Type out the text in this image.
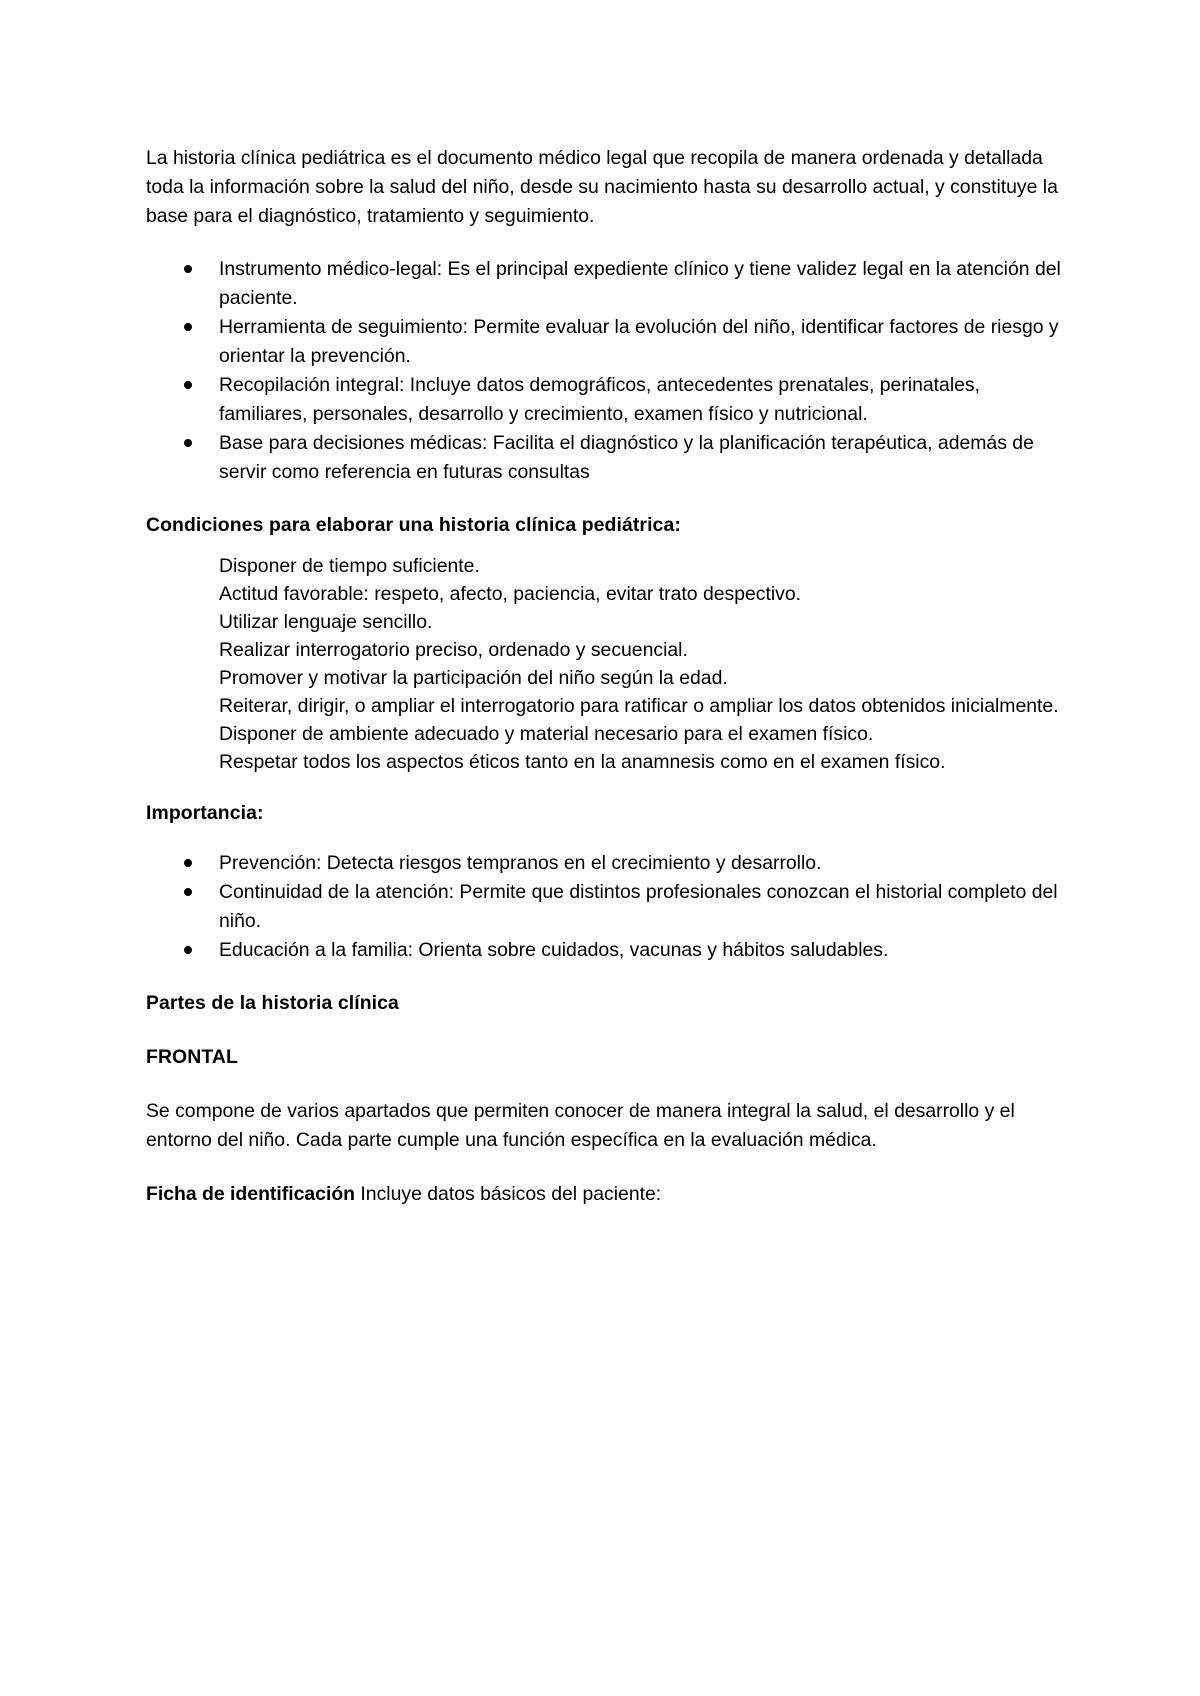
La historia clínica pediátrica es el documento médico legal que recopila de manera ordenada y detallada toda la información sobre la salud del niño, desde su nacimiento hasta su desarrollo actual, y constituye la base para el diagnóstico, tratamiento y seguimiento.

Instrumento médico-legal: Es el principal expediente clínico y tiene validez legal en la atención del paciente.
Herramienta de seguimiento: Permite evaluar la evolución del niño, identificar factores de riesgo y orientar la prevención.
Recopilación integral: Incluye datos demográficos, antecedentes prenatales, perinatales, familiares, personales, desarrollo y crecimiento, examen físico y nutricional.
Base para decisiones médicas: Facilita el diagnóstico y la planificación terapéutica, además de servir como referencia en futuras consultas

Condiciones para elaborar una historia clínica pediátrica:

Disponer de tiempo suficiente.
Actitud favorable: respeto, afecto, paciencia, evitar trato despectivo.
Utilizar lenguaje sencillo.
Realizar interrogatorio preciso, ordenado y secuencial.
Promover y motivar la participación del niño según la edad.
Reiterar, dirigir, o ampliar el interrogatorio para ratificar o ampliar los datos obtenidos inicialmente.
Disponer de ambiente adecuado y material necesario para el examen físico.
Respetar todos los aspectos éticos tanto en la anamnesis como en el examen físico.

Importancia:

Prevención: Detecta riesgos tempranos en el crecimiento y desarrollo.
Continuidad de la atención: Permite que distintos profesionales conozcan el historial completo del niño.
Educación a la familia: Orienta sobre cuidados, vacunas y hábitos saludables.

Partes de la historia clínica

FRONTAL

Se compone de varios apartados que permiten conocer de manera integral la salud, el desarrollo y el entorno del niño. Cada parte cumple una función específica en la evaluación médica.

Ficha de identificación Incluye datos básicos del paciente:
